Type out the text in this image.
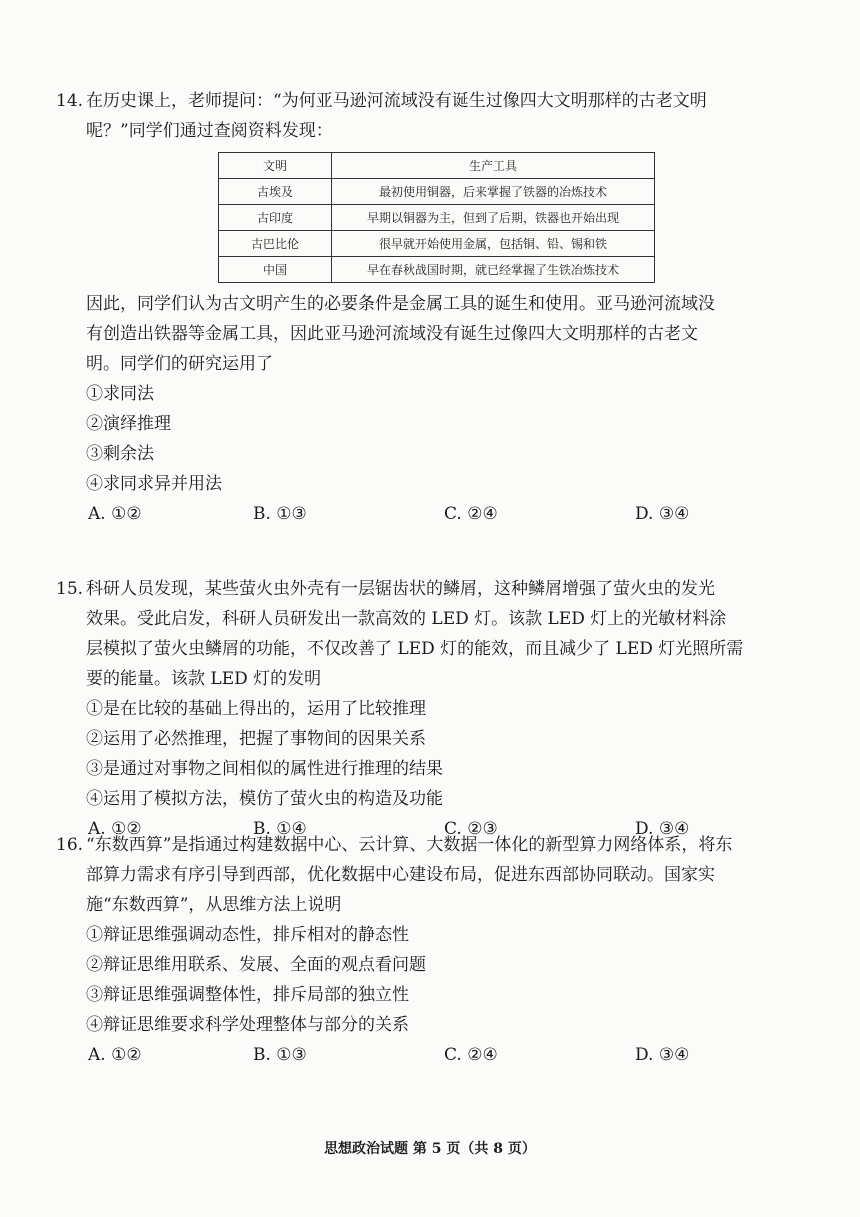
14. 在历史课上，老师提问：“为何亚马逊河流域没有诞生过像四大文明那样的古老文明
呢？”同学们通过查阅资料发现：
文明	生产工具
古埃及	最初使用铜器，后来掌握了铁器的冶炼技术
古印度	早期以铜器为主，但到了后期，铁器也开始出现
古巴比伦	很早就开始使用金属，包括铜、铅、锡和铁
中国	早在春秋战国时期，就已经掌握了生铁冶炼技术
因此，同学们认为古文明产生的必要条件是金属工具的诞生和使用。亚马逊河流域没
有创造出铁器等金属工具，因此亚马逊河流域没有诞生过像四大文明那样的古老文
明。同学们的研究运用了
①求同法
②演绎推理
③剩余法
④求同求异并用法
A. ①②	B. ①③	C. ②④	D. ③④
15. 科研人员发现，某些萤火虫外壳有一层锯齿状的鳞屑，这种鳞屑增强了萤火虫的发光
效果。受此启发，科研人员研发出一款高效的 LED 灯。该款 LED 灯上的光敏材料涂
层模拟了萤火虫鳞屑的功能，不仅改善了 LED 灯的能效，而且减少了 LED 灯光照所需
要的能量。该款 LED 灯的发明
①是在比较的基础上得出的，运用了比较推理
②运用了必然推理，把握了事物间的因果关系
③是通过对事物之间相似的属性进行推理的结果
④运用了模拟方法，模仿了萤火虫的构造及功能
A. ①②	B. ①④	C. ②③	D. ③④
16. “东数西算”是指通过构建数据中心、云计算、大数据一体化的新型算力网络体系，将东
部算力需求有序引导到西部，优化数据中心建设布局，促进东西部协同联动。国家实
施“东数西算”，从思维方法上说明
①辩证思维强调动态性，排斥相对的静态性
②辩证思维用联系、发展、全面的观点看问题
③辩证思维强调整体性，排斥局部的独立性
④辩证思维要求科学处理整体与部分的关系
A. ①②	B. ①③	C. ②④	D. ③④
思想政治试题 第 5 页（共 8 页）
